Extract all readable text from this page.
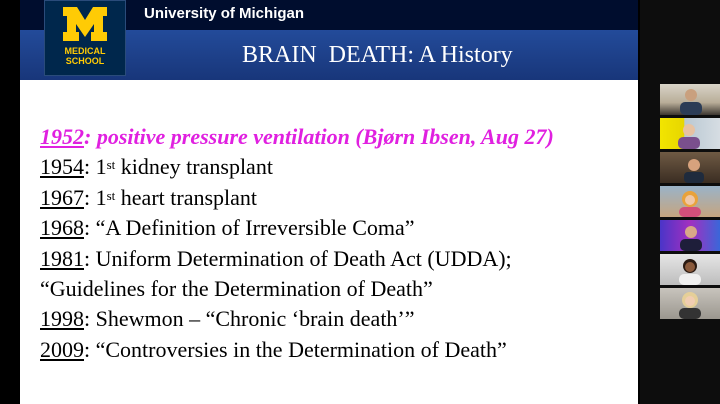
University of Michigan
BRAIN  DEATH: A History
MEDICAL
SCHOOL
1952: positive pressure ventilation (Bjørn Ibsen, Aug 27)
1954: 1st kidney transplant
1967: 1st heart transplant
1968: “A Definition of Irreversible Coma”
1981: Uniform Determination of Death Act (UDDA);
“Guidelines for the Determination of Death”
1998: Shewmon – “Chronic ‘brain death’”
2009: “Controversies in the Determination of Death”
